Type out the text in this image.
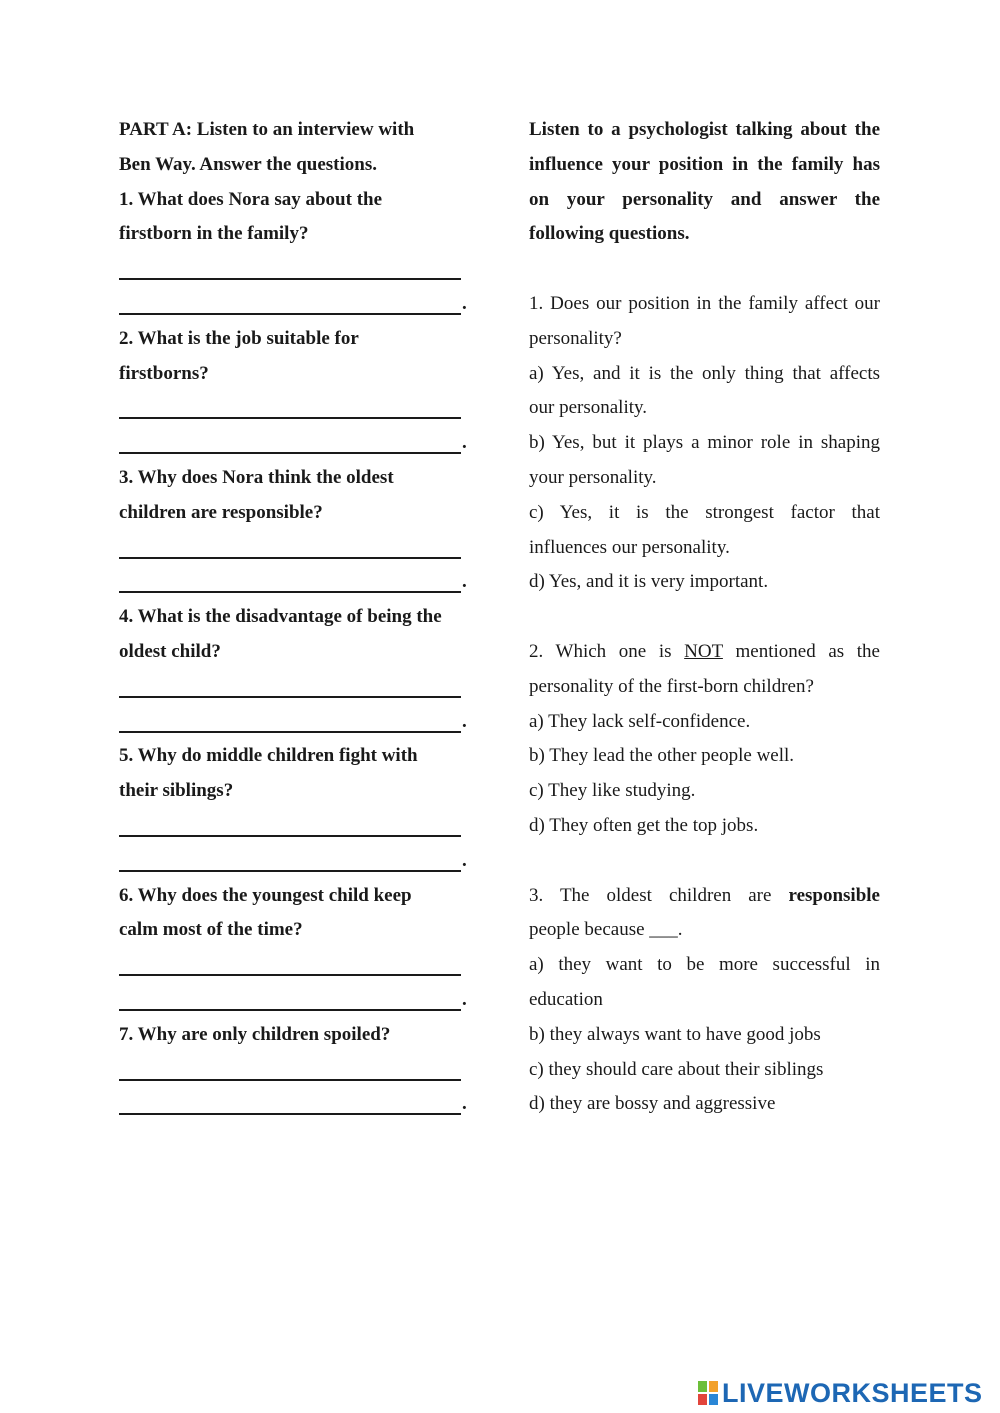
PART A: Listen to an interview with
Ben Way. Answer the questions.
1. What does Nora say about the
firstborn in the family?
.
2. What is the job suitable for
firstborns?
.
3. Why does Nora think the oldest
children are responsible?
.
4. What is the disadvantage of being the
oldest child?
.
5. Why do middle children fight with
their siblings?
.
6. Why does the youngest child keep
calm most of the time?
.
7. Why are only children spoiled?
.
Listen to a psychologist talking about the
influence your position in the family has
on your personality and answer the
following questions.
1. Does our position in the family affect our
personality?
a) Yes, and it is the only thing that affects
our personality.
b) Yes, but it plays a minor role in shaping
your personality.
c) Yes, it is the strongest factor that
influences our personality.
d) Yes, and it is very important.
2. Which one is NOT mentioned as the
personality of the first-born children?
a) They lack self-confidence.
b) They lead the other people well.
c) They like studying.
d) They often get the top jobs.
3. The oldest children are responsible
people because ___.
a) they want to be more successful in
education
b) they always want to have good jobs
c) they should care about their siblings
d) they are bossy and aggressive
LIVEWORKSHEETS
